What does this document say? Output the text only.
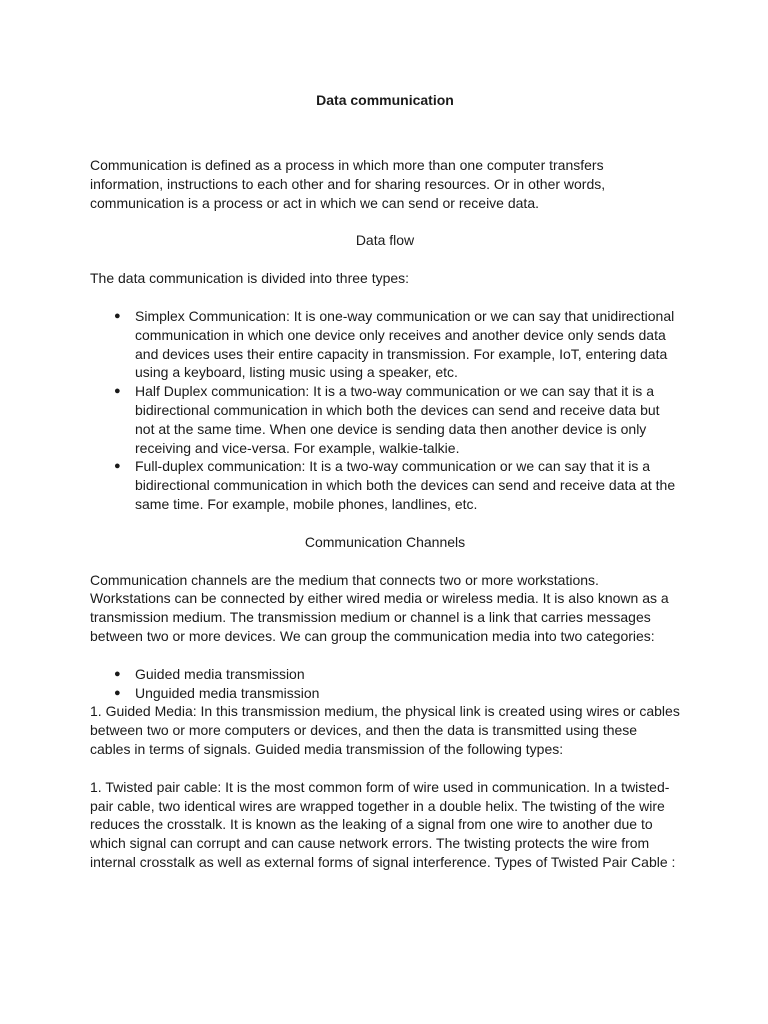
Data communication

Communication is defined as a process in which more than one computer transfers information, instructions to each other and for sharing resources. Or in other words, communication is a process or act in which we can send or receive data.

Data flow

The data communication is divided into three types:

● Simplex Communication: It is one-way communication or we can say that unidirectional communication in which one device only receives and another device only sends data and devices uses their entire capacity in transmission. For example, IoT, entering data using a keyboard, listing music using a speaker, etc.
● Half Duplex communication: It is a two-way communication or we can say that it is a bidirectional communication in which both the devices can send and receive data but not at the same time. When one device is sending data then another device is only receiving and vice-versa. For example, walkie-talkie.
● Full-duplex communication: It is a two-way communication or we can say that it is a bidirectional communication in which both the devices can send and receive data at the same time. For example, mobile phones, landlines, etc.

Communication Channels

Communication channels are the medium that connects two or more workstations. Workstations can be connected by either wired media or wireless media. It is also known as a transmission medium. The transmission medium or channel is a link that carries messages between two or more devices. We can group the communication media into two categories:

● Guided media transmission
● Unguided media transmission

1. Guided Media: In this transmission medium, the physical link is created using wires or cables between two or more computers or devices, and then the data is transmitted using these cables in terms of signals. Guided media transmission of the following types:

1. Twisted pair cable: It is the most common form of wire used in communication. In a twisted-pair cable, two identical wires are wrapped together in a double helix. The twisting of the wire reduces the crosstalk. It is known as the leaking of a signal from one wire to another due to which signal can corrupt and can cause network errors. The twisting protects the wire from internal crosstalk as well as external forms of signal interference. Types of Twisted Pair Cable :
